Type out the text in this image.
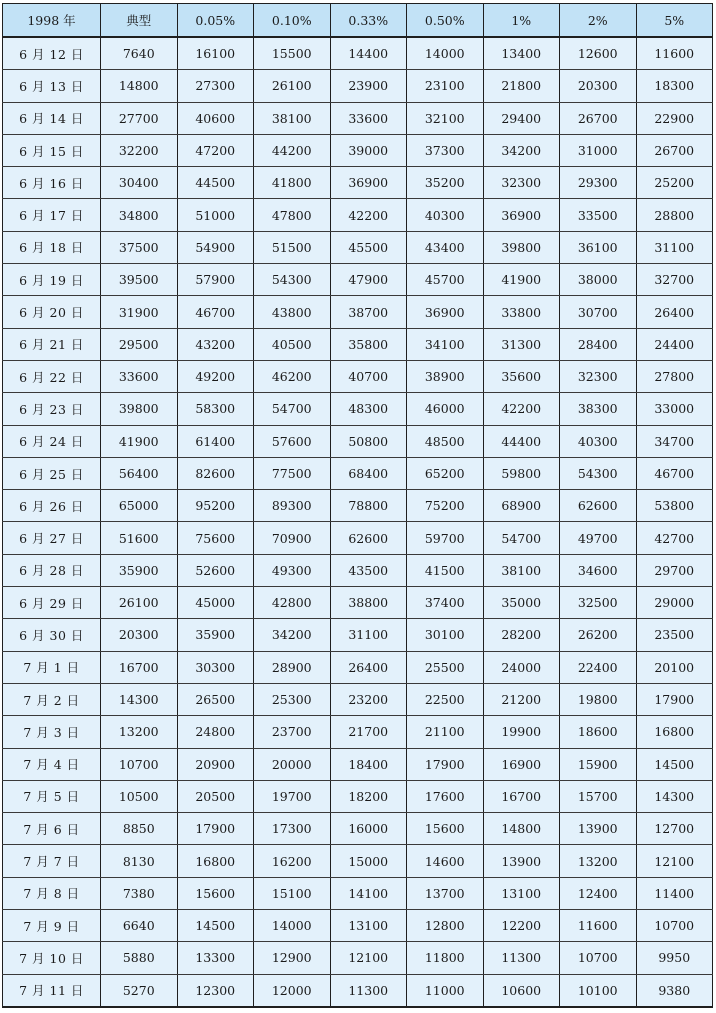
1998 年	典型	0.05%	0.10%	0.33%	0.50%	1%	2%	5%
6 月 12 日	7640	16100	15500	14400	14000	13400	12600	11600
6 月 13 日	14800	27300	26100	23900	23100	21800	20300	18300
6 月 14 日	27700	40600	38100	33600	32100	29400	26700	22900
6 月 15 日	32200	47200	44200	39000	37300	34200	31000	26700
6 月 16 日	30400	44500	41800	36900	35200	32300	29300	25200
6 月 17 日	34800	51000	47800	42200	40300	36900	33500	28800
6 月 18 日	37500	54900	51500	45500	43400	39800	36100	31100
6 月 19 日	39500	57900	54300	47900	45700	41900	38000	32700
6 月 20 日	31900	46700	43800	38700	36900	33800	30700	26400
6 月 21 日	29500	43200	40500	35800	34100	31300	28400	24400
6 月 22 日	33600	49200	46200	40700	38900	35600	32300	27800
6 月 23 日	39800	58300	54700	48300	46000	42200	38300	33000
6 月 24 日	41900	61400	57600	50800	48500	44400	40300	34700
6 月 25 日	56400	82600	77500	68400	65200	59800	54300	46700
6 月 26 日	65000	95200	89300	78800	75200	68900	62600	53800
6 月 27 日	51600	75600	70900	62600	59700	54700	49700	42700
6 月 28 日	35900	52600	49300	43500	41500	38100	34600	29700
6 月 29 日	26100	45000	42800	38800	37400	35000	32500	29000
6 月 30 日	20300	35900	34200	31100	30100	28200	26200	23500
7 月 1 日	16700	30300	28900	26400	25500	24000	22400	20100
7 月 2 日	14300	26500	25300	23200	22500	21200	19800	17900
7 月 3 日	13200	24800	23700	21700	21100	19900	18600	16800
7 月 4 日	10700	20900	20000	18400	17900	16900	15900	14500
7 月 5 日	10500	20500	19700	18200	17600	16700	15700	14300
7 月 6 日	8850	17900	17300	16000	15600	14800	13900	12700
7 月 7 日	8130	16800	16200	15000	14600	13900	13200	12100
7 月 8 日	7380	15600	15100	14100	13700	13100	12400	11400
7 月 9 日	6640	14500	14000	13100	12800	12200	11600	10700
7 月 10 日	5880	13300	12900	12100	11800	11300	10700	9950
7 月 11 日	5270	12300	12000	11300	11000	10600	10100	9380
